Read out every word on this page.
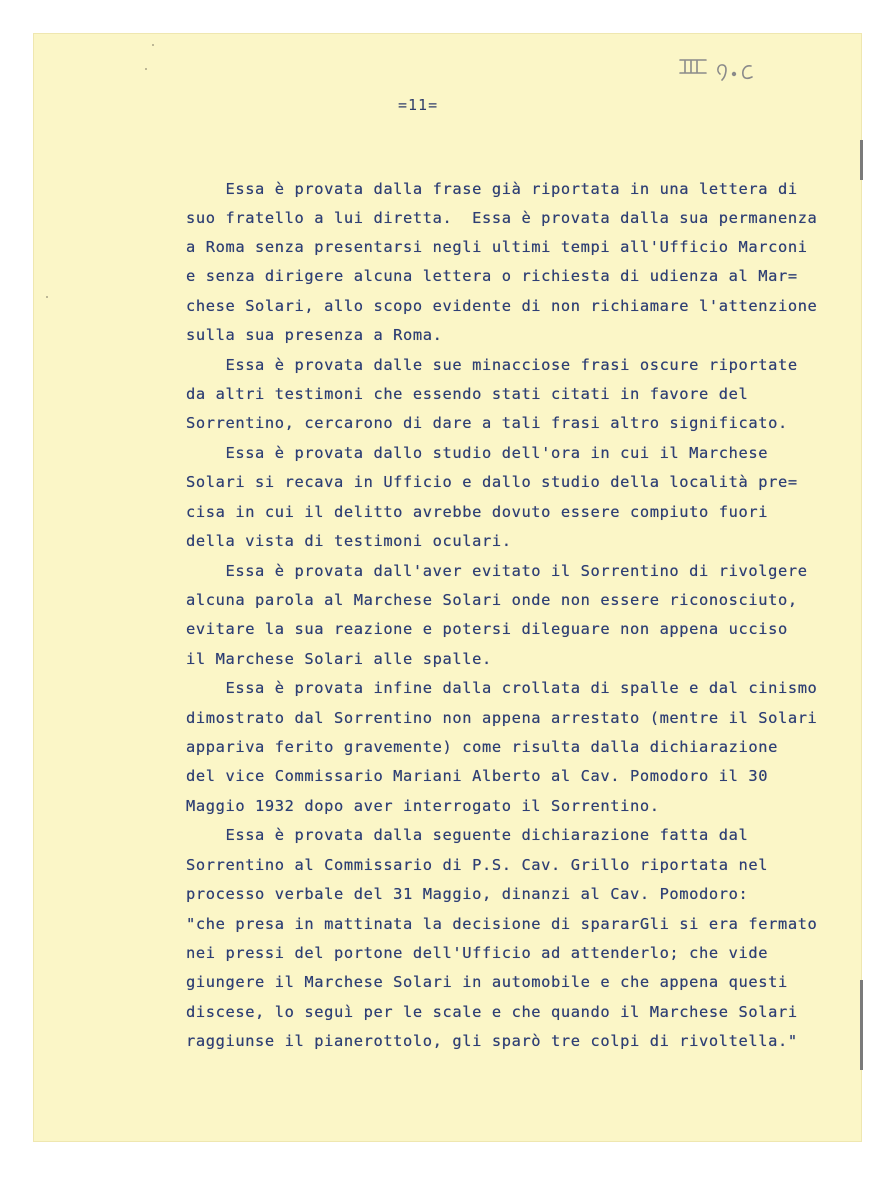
=11=

Essa è provata dalla frase già riportata in una lettera di
suo fratello a lui diretta.  Essa è provata dalla sua permanenza
a Roma senza presentarsi negli ultimi tempi all'Ufficio Marconi
e senza dirigere alcuna lettera o richiesta di udienza al Mar=
chese Solari, allo scopo evidente di non richiamare l'attenzione
sulla sua presenza a Roma.
Essa è provata dalle sue minacciose frasi oscure riportate
da altri testimoni che essendo stati citati in favore del
Sorrentino, cercarono di dare a tali frasi altro significato.
Essa è provata dallo studio dell'ora in cui il Marchese
Solari si recava in Ufficio e dallo studio della località pre=
cisa in cui il delitto avrebbe dovuto essere compiuto fuori
della vista di testimoni oculari.
Essa è provata dall'aver evitato il Sorrentino di rivolgere
alcuna parola al Marchese Solari onde non essere riconosciuto,
evitare la sua reazione e potersi dileguare non appena ucciso
il Marchese Solari alle spalle.
Essa è provata infine dalla crollata di spalle e dal cinismo
dimostrato dal Sorrentino non appena arrestato (mentre il Solari
appariva ferito gravemente) come risulta dalla dichiarazione
del vice Commissario Mariani Alberto al Cav. Pomodoro il 30
Maggio 1932 dopo aver interrogato il Sorrentino.
Essa è provata dalla seguente dichiarazione fatta dal
Sorrentino al Commissario di P.S. Cav. Grillo riportata nel
processo verbale del 31 Maggio, dinanzi al Cav. Pomodoro:
"che presa in mattinata la decisione di spararGli si era fermato
nei pressi del portone dell'Ufficio ad attenderlo; che vide
giungere il Marchese Solari in automobile e che appena questi
discese, lo seguì per le scale e che quando il Marchese Solari
raggiunse il pianerottolo, gli sparò tre colpi di rivoltella."
